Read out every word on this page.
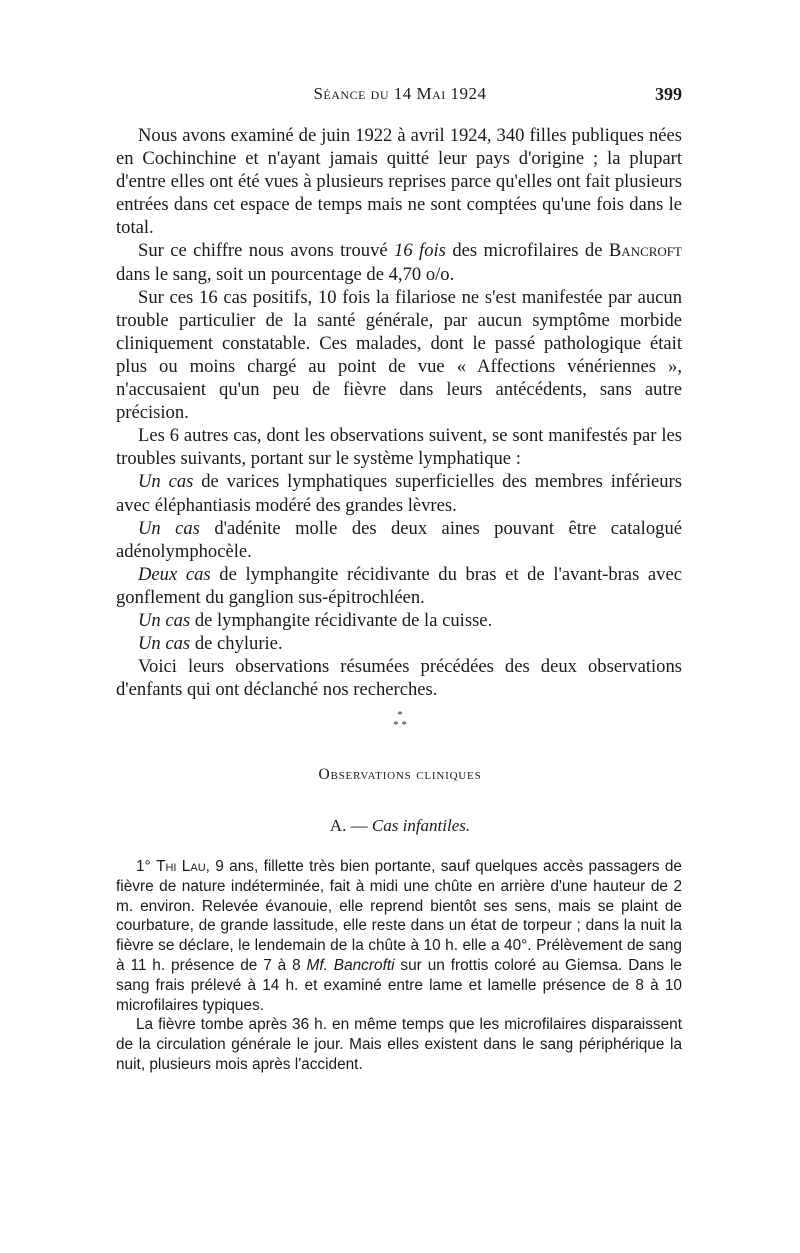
Séance du 14 Mai 1924	399

Nous avons examiné de juin 1922 à avril 1924, 340 filles publiques nées en Cochinchine et n'ayant jamais quitté leur pays d'origine ; la plupart d'entre elles ont été vues à plusieurs reprises parce qu'elles ont fait plusieurs entrées dans cet espace de temps mais ne sont comptées qu'une fois dans le total.

Sur ce chiffre nous avons trouvé 16 fois des microfilaires de Bancroft dans le sang, soit un pourcentage de 4,70 o/o.

Sur ces 16 cas positifs, 10 fois la filariose ne s'est manifestée par aucun trouble particulier de la santé générale, par aucun symptôme morbide cliniquement constatable. Ces malades, dont le passé pathologique était plus ou moins chargé au point de vue « Affections vénériennes », n'accusaient qu'un peu de fièvre dans leurs antécédents, sans autre précision.

Les 6 autres cas, dont les observations suivent, se sont manifestés par les troubles suivants, portant sur le système lymphatique :

Un cas de varices lymphatiques superficielles des membres inférieurs avec éléphantiasis modéré des grandes lèvres.

Un cas d'adénite molle des deux aines pouvant être catalogué adénolymphocèle.

Deux cas de lymphangite récidivante du bras et de l'avant-bras avec gonflement du ganglion sus-épitrochléen.

Un cas de lymphangite récidivante de la cuisse.

Un cas de chylurie.

Voici leurs observations résumées précédées des deux observations d'enfants qui ont déclanché nos recherches.

*
* *
Observations cliniques
A. — Cas infantiles.

1° Thi Lau, 9 ans, fillette très bien portante, sauf quelques accès passagers de fièvre de nature indéterminée, fait à midi une chûte en arrière d'une hauteur de 2 m. environ. Relevée évanouie, elle reprend bientôt ses sens, mais se plaint de courbature, de grande lassitude, elle reste dans un état de torpeur ; dans la nuit la fièvre se déclare, le lendemain de la chûte à 10 h. elle a 40°. Prélèvement de sang à 11 h. présence de 7 à 8 Mf. Bancrofti sur un frottis coloré au Giemsa. Dans le sang frais prélevé à 14 h. et examiné entre lame et lamelle présence de 8 à 10 microfilaires typiques.

La fièvre tombe après 36 h. en même temps que les microfilaires disparaissent de la circulation générale le jour. Mais elles existent dans le sang périphérique la nuit, plusieurs mois après l'accident.
